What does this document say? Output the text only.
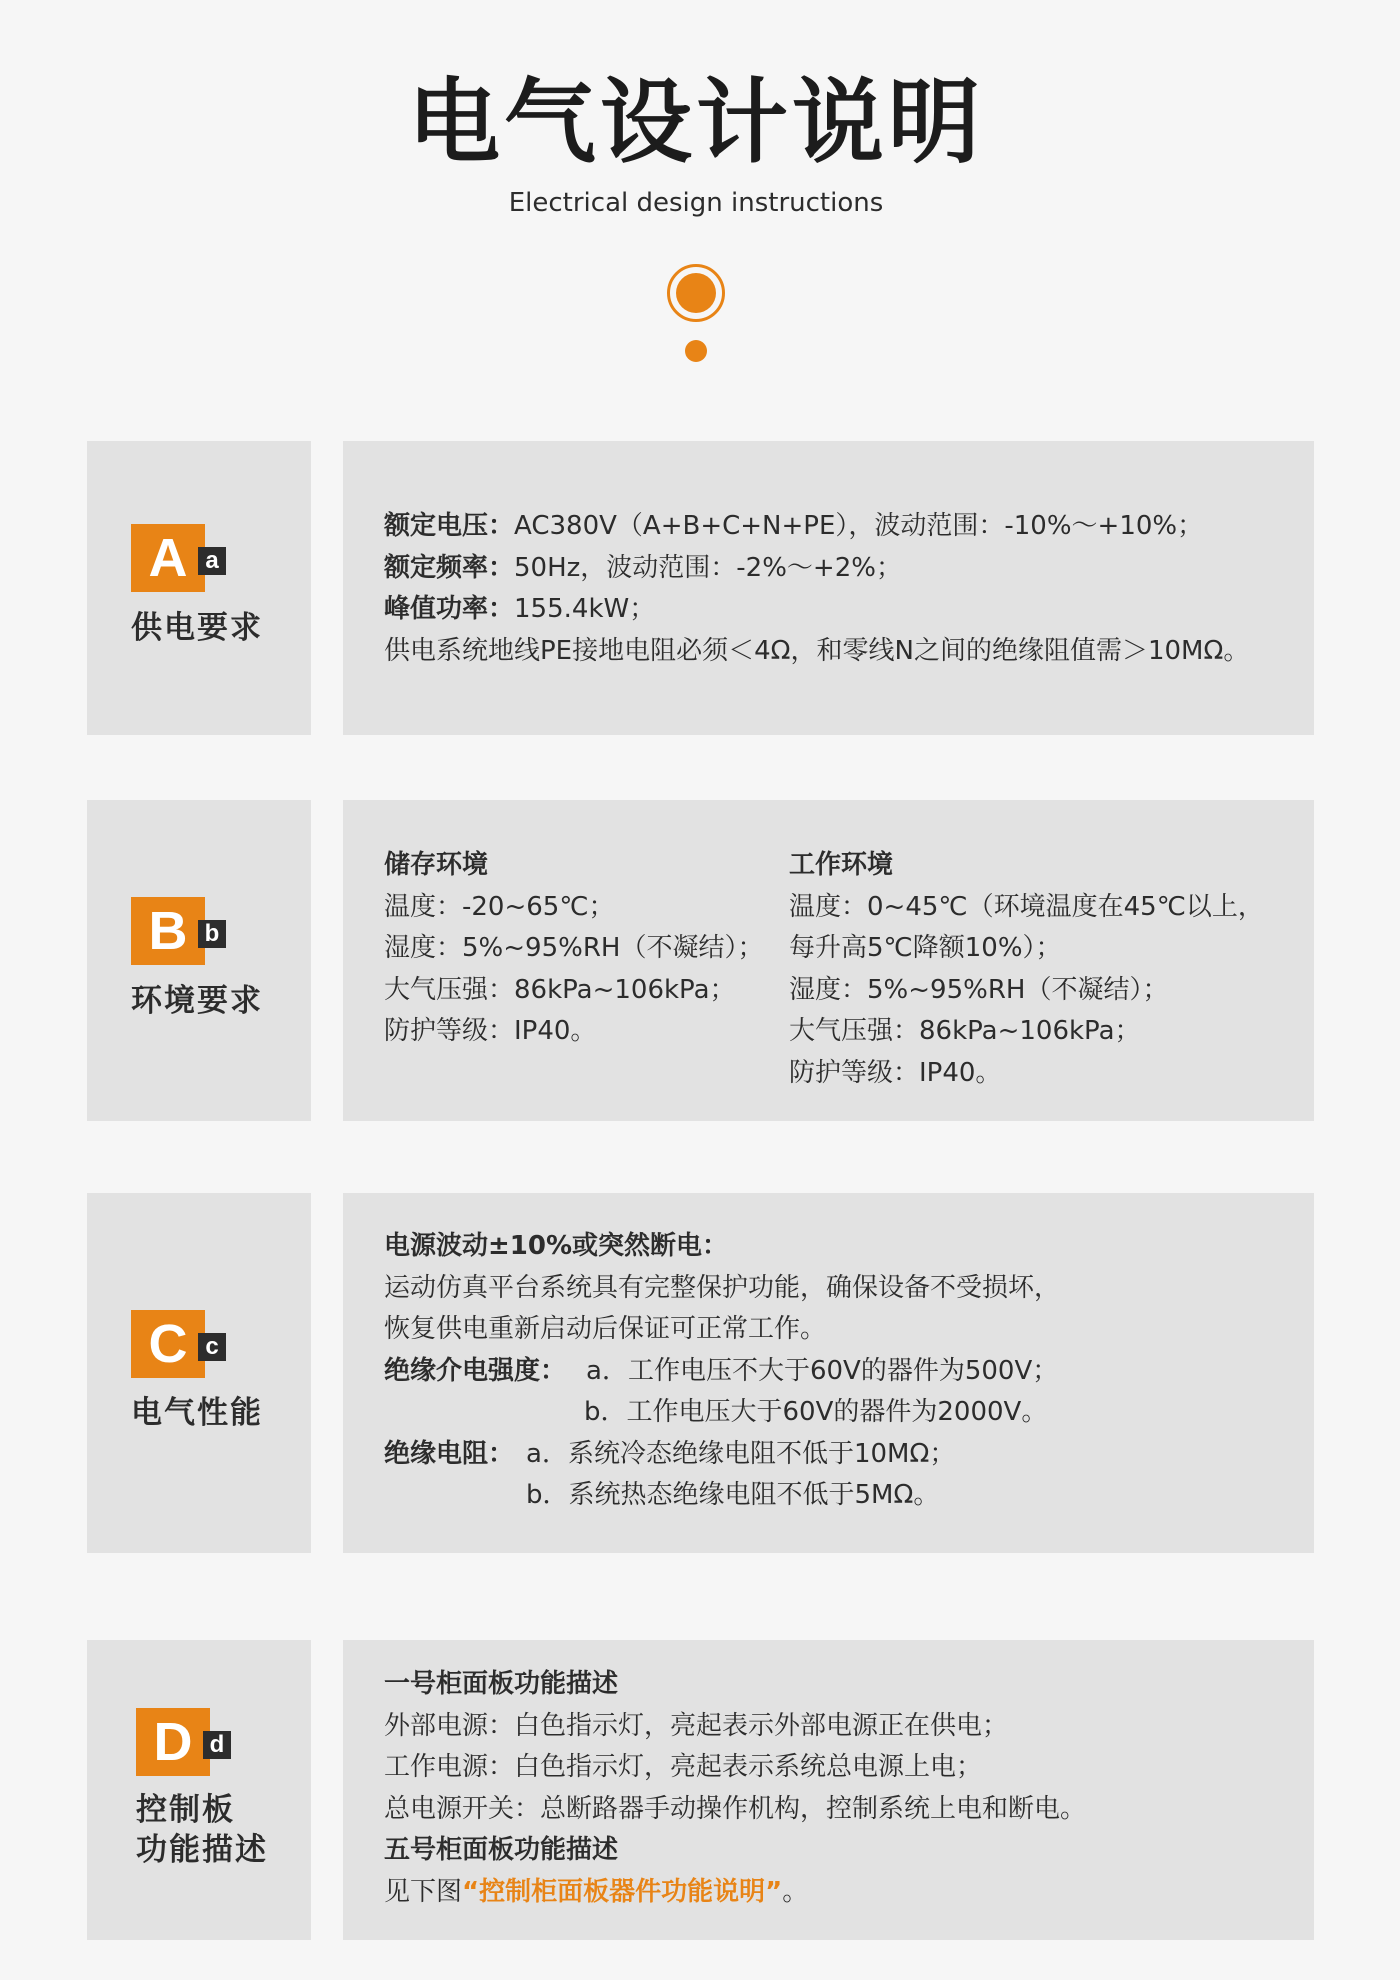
电气设计说明
Electrical design instructions
A a
供电要求
额定电压：AC380V（A+B+C+N+PE），波动范围：-10%～+10%；
额定频率：50Hz，波动范围：-2%～+2%；
峰值功率：155.4kW；
供电系统地线PE接地电阻必须＜4Ω，和零线N之间的绝缘阻值需＞10MΩ。
B b
环境要求
储存环境
温度：-20~65℃；
湿度：5%~95%RH（不凝结）；
大气压强：86kPa~106kPa；
防护等级：IP40。
工作环境
温度：0~45℃（环境温度在45℃以上，
每升高5℃降额10%）；
湿度：5%~95%RH（不凝结）；
大气压强：86kPa~106kPa；
防护等级：IP40。
C c
电气性能
电源波动±10%或突然断电：
运动仿真平台系统具有完整保护功能，确保设备不受损坏，
恢复供电重新启动后保证可正常工作。
绝缘介电强度： a．工作电压不大于60V的器件为500V；
b．工作电压大于60V的器件为2000V。
绝缘电阻： a．系统冷态绝缘电阻不低于10MΩ；
b．系统热态绝缘电阻不低于5MΩ。
D d
控制板
功能描述
一号柜面板功能描述
外部电源：白色指示灯，亮起表示外部电源正在供电；
工作电源：白色指示灯，亮起表示系统总电源上电；
总电源开关：总断路器手动操作机构，控制系统上电和断电。
五号柜面板功能描述
见下图“控制柜面板器件功能说明”。
